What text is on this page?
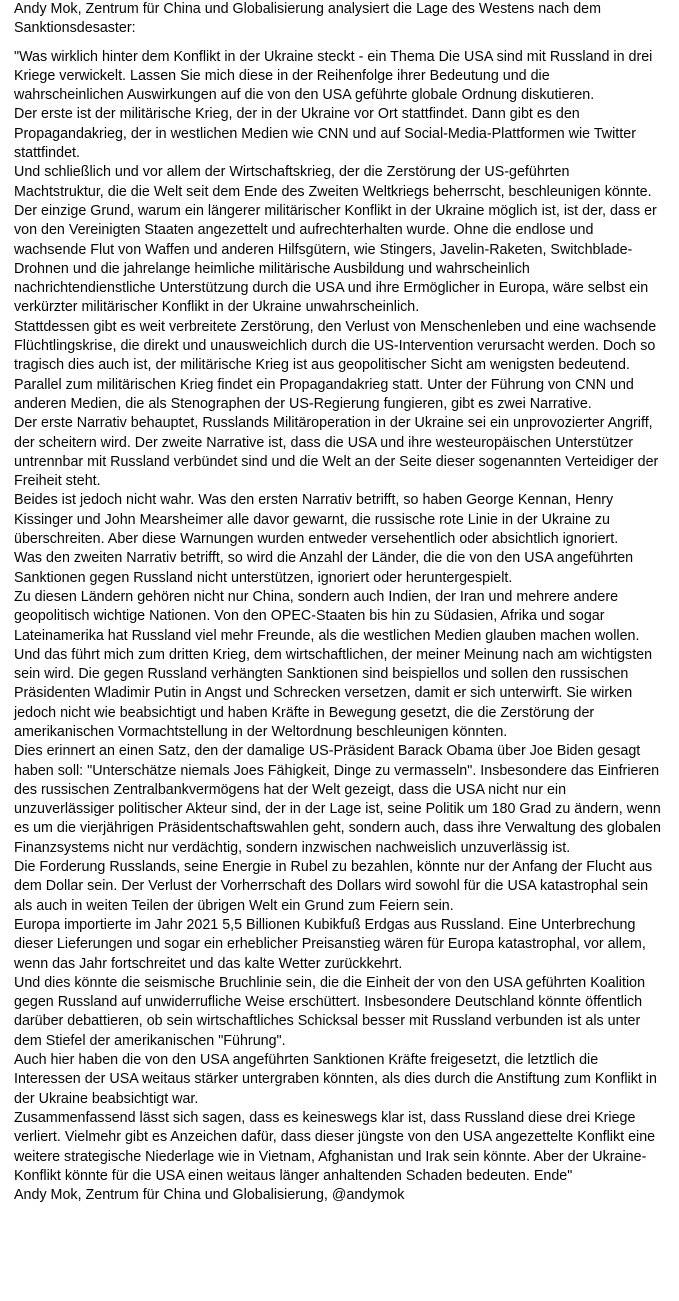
Andy Mok, Zentrum für China und Globalisierung analysiert die Lage des Westens nach dem Sanktionsdesaster:

"Was wirklich hinter dem Konflikt in der Ukraine steckt - ein Thema Die USA sind mit Russland in drei Kriege verwickelt. Lassen Sie mich diese in der Reihenfolge ihrer Bedeutung und die wahrscheinlichen Auswirkungen auf die von den USA geführte globale Ordnung diskutieren.

Der erste ist der militärische Krieg, der in der Ukraine vor Ort stattfindet. Dann gibt es den Propagandakrieg, der in westlichen Medien wie CNN und auf Social-Media-Plattformen wie Twitter stattfindet.

Und schließlich und vor allem der Wirtschaftskrieg, der die Zerstörung der US-geführten Machtstruktur, die die Welt seit dem Ende des Zweiten Weltkriegs beherrscht, beschleunigen könnte.

Der einzige Grund, warum ein längerer militärischer Konflikt in der Ukraine möglich ist, ist der, dass er von den Vereinigten Staaten angezettelt und aufrechterhalten wurde. Ohne die endlose und wachsende Flut von Waffen und anderen Hilfsgütern, wie Stingers, Javelin-Raketen, Switchblade-Drohnen und die jahrelange heimliche militärische Ausbildung und wahrscheinlich nachrichtendienstliche Unterstützung durch die USA und ihre Ermöglicher in Europa, wäre selbst ein verkürzter militärischer Konflikt in der Ukraine unwahrscheinlich.

Stattdessen gibt es weit verbreitete Zerstörung, den Verlust von Menschenleben und eine wachsende Flüchtlingskrise, die direkt und unausweichlich durch die US-Intervention verursacht werden. Doch so tragisch dies auch ist, der militärische Krieg ist aus geopolitischer Sicht am wenigsten bedeutend.

Parallel zum militärischen Krieg findet ein Propagandakrieg statt. Unter der Führung von CNN und anderen Medien, die als Stenographen der US-Regierung fungieren, gibt es zwei Narrative.

Der erste Narrativ behauptet, Russlands Militäroperation in der Ukraine sei ein unprovozierter Angriff, der scheitern wird. Der zweite Narrative ist, dass die USA und ihre westeuropäischen Unterstützer untrennbar mit Russland verbündet sind und die Welt an der Seite dieser sogenannten Verteidiger der Freiheit steht.

Beides ist jedoch nicht wahr. Was den ersten Narrativ betrifft, so haben George Kennan, Henry Kissinger und John Mearsheimer alle davor gewarnt, die russische rote Linie in der Ukraine zu überschreiten. Aber diese Warnungen wurden entweder versehentlich oder absichtlich ignoriert.

Was den zweiten Narrativ betrifft, so wird die Anzahl der Länder, die die von den USA angeführten Sanktionen gegen Russland nicht unterstützen, ignoriert oder heruntergespielt.

Zu diesen Ländern gehören nicht nur China, sondern auch Indien, der Iran und mehrere andere geopolitisch wichtige Nationen. Von den OPEC-Staaten bis hin zu Südasien, Afrika und sogar Lateinamerika hat Russland viel mehr Freunde, als die westlichen Medien glauben machen wollen.

Und das führt mich zum dritten Krieg, dem wirtschaftlichen, der meiner Meinung nach am wichtigsten sein wird. Die gegen Russland verhängten Sanktionen sind beispiellos und sollen den russischen Präsidenten Wladimir Putin in Angst und Schrecken versetzen, damit er sich unterwirft. Sie wirken jedoch nicht wie beabsichtigt und haben Kräfte in Bewegung gesetzt, die die Zerstörung der amerikanischen Vormachtstellung in der Weltordnung beschleunigen könnten.

Dies erinnert an einen Satz, den der damalige US-Präsident Barack Obama über Joe Biden gesagt haben soll: "Unterschätze niemals Joes Fähigkeit, Dinge zu vermasseln". Insbesondere das Einfrieren des russischen Zentralbankvermögens hat der Welt gezeigt, dass die USA nicht nur ein unzuverlässiger politischer Akteur sind, der in der Lage ist, seine Politik um 180 Grad zu ändern, wenn es um die vierjährigen Präsidentschaftswahlen geht, sondern auch, dass ihre Verwaltung des globalen Finanzsystems nicht nur verdächtig, sondern inzwischen nachweislich unzuverlässig ist.

Die Forderung Russlands, seine Energie in Rubel zu bezahlen, könnte nur der Anfang der Flucht aus dem Dollar sein. Der Verlust der Vorherrschaft des Dollars wird sowohl für die USA katastrophal sein als auch in weiten Teilen der übrigen Welt ein Grund zum Feiern sein.

Europa importierte im Jahr 2021 5,5 Billionen Kubikfuß Erdgas aus Russland. Eine Unterbrechung dieser Lieferungen und sogar ein erheblicher Preisanstieg wären für Europa katastrophal, vor allem, wenn das Jahr fortschreitet und das kalte Wetter zurückkehrt.

Und dies könnte die seismische Bruchlinie sein, die die Einheit der von den USA geführten Koalition gegen Russland auf unwiderrufliche Weise erschüttert. Insbesondere Deutschland könnte öffentlich darüber debattieren, ob sein wirtschaftliches Schicksal besser mit Russland verbunden ist als unter dem Stiefel der amerikanischen "Führung".

Auch hier haben die von den USA angeführten Sanktionen Kräfte freigesetzt, die letztlich die Interessen der USA weitaus stärker untergraben könnten, als dies durch die Anstiftung zum Konflikt in der Ukraine beabsichtigt war.

Zusammenfassend lässt sich sagen, dass es keineswegs klar ist, dass Russland diese drei Kriege verliert. Vielmehr gibt es Anzeichen dafür, dass dieser jüngste von den USA angezettelte Konflikt eine weitere strategische Niederlage wie in Vietnam, Afghanistan und Irak sein könnte. Aber der Ukraine-Konflikt könnte für die USA einen weitaus länger anhaltenden Schaden bedeuten. Ende"

Andy Mok, Zentrum für China und Globalisierung, @andymok
